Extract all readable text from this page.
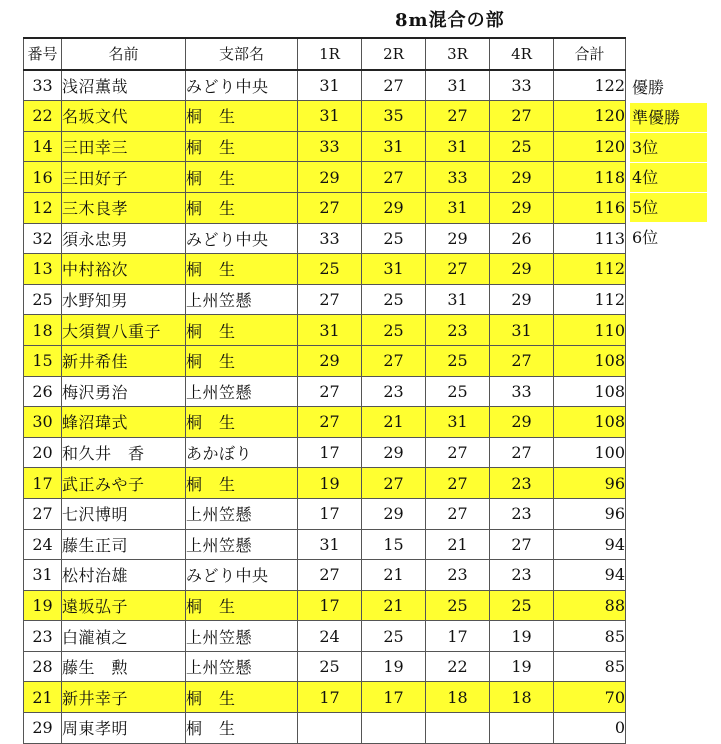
8m混合の部
番号	名前	支部名	1R	2R	3R	4R	合計
33	浅沼薫哉	みどり中央	31	27	31	33	122
22	名坂文代	桐　生	31	35	27	27	120
14	三田幸三	桐　生	33	31	31	25	120
16	三田好子	桐　生	29	27	33	29	118
12	三木良孝	桐　生	27	29	31	29	116
32	須永忠男	みどり中央	33	25	29	26	113
13	中村裕次	桐　生	25	31	27	29	112
25	水野知男	上州笠懸	27	25	31	29	112
18	大須賀八重子	桐　生	31	25	23	31	110
15	新井希佳	桐　生	29	27	25	27	108
26	梅沢勇治	上州笠懸	27	23	25	33	108
30	蜂沼瑋式	桐　生	27	21	31	29	108
20	和久井　香	あかぼり	17	29	27	27	100
17	武正みや子	桐　生	19	27	27	23	96
27	七沢博明	上州笠懸	17	29	27	23	96
24	藤生正司	上州笠懸	31	15	21	27	94
31	松村治雄	みどり中央	27	21	23	23	94
19	遠坂弘子	桐　生	17	21	25	25	88
23	白瀧禎之	上州笠懸	24	25	17	19	85
28	藤生　勲	上州笠懸	25	19	22	19	85
21	新井幸子	桐　生	17	17	18	18	70
29	周東孝明	桐　生					0
優勝
準優勝
3位
4位
5位
6位
